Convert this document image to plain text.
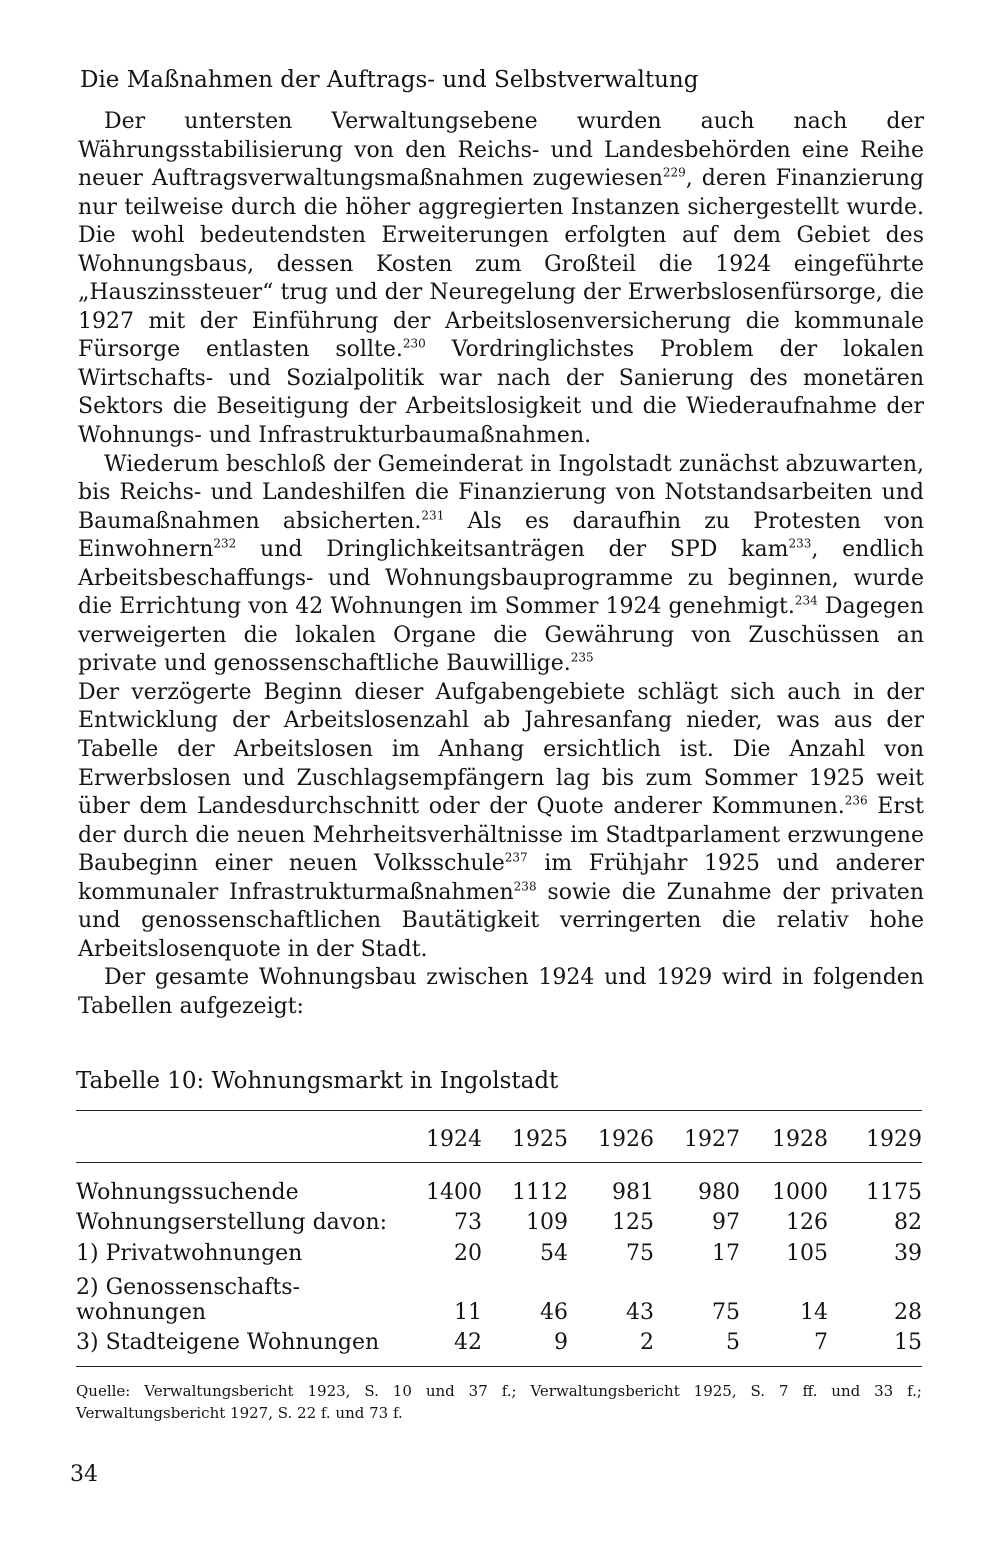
Die Maßnahmen der Auftrags- und Selbstverwaltung

Der untersten Verwaltungsebene wurden auch nach der Währungsstabilisierung von den Reichs- und Landesbehörden eine Reihe neuer Auftragsverwaltungsmaßnahmen zugewiesen$^{229}$, deren Finanzierung nur teilweise durch die höher aggregierten Instanzen sichergestellt wurde. Die wohl bedeutendsten Erweiterungen erfolgten auf dem Gebiet des Wohnungsbaus, dessen Kosten zum Großteil die 1924 eingeführte „Hauszinssteuer“ trug und der Neuregelung der Erwerbslosenfürsorge, die 1927 mit der Einführung der Arbeitslosenversicherung die kommunale Fürsorge entlasten sollte.$^{230}$ Vordringlichstes Problem der lokalen Wirtschafts- und Sozialpolitik war nach der Sanierung des monetären Sektors die Beseitigung der Arbeitslosigkeit und die Wiederaufnahme der Wohnungs- und Infrastrukturbaumaßnahmen.

Wiederum beschloß der Gemeinderat in Ingolstadt zunächst abzuwarten, bis Reichs- und Landeshilfen die Finanzierung von Notstandsarbeiten und Baumaßnahmen absicherten.$^{231}$ Als es daraufhin zu Protesten von Einwohnern$^{232}$ und Dringlichkeitsanträgen der SPD kam$^{233}$, endlich Arbeitsbeschaffungs- und Wohnungsbauprogramme zu beginnen, wurde die Errichtung von 42 Wohnungen im Sommer 1924 genehmigt.$^{234}$ Dagegen verweigerten die lokalen Organe die Gewährung von Zuschüssen an private und genossenschaftliche Bauwillige.$^{235}$

Der verzögerte Beginn dieser Aufgabengebiete schlägt sich auch in der Entwicklung der Arbeitslosenzahl ab Jahresanfang nieder, was aus der Tabelle der Arbeitslosen im Anhang ersichtlich ist. Die Anzahl von Erwerbslosen und Zuschlagsempfängern lag bis zum Sommer 1925 weit über dem Landesdurchschnitt oder der Quote anderer Kommunen.$^{236}$ Erst der durch die neuen Mehrheitsverhältnisse im Stadtparlament erzwungene Baubeginn einer neuen Volksschule$^{237}$ im Frühjahr 1925 und anderer kommunaler Infrastrukturmaßnahmen$^{238}$ sowie die Zunahme der privaten und genossenschaftlichen Bautätigkeit verringerten die relativ hohe Arbeitslosenquote in der Stadt.

Der gesamte Wohnungsbau zwischen 1924 und 1929 wird in folgenden Tabellen aufgezeigt:

Tabelle 10: Wohnungsmarkt in Ingolstadt
	1924	1925	1926	1927	1928	1929

Wohnungssuchende	1400	1112	981	980	1000	1175
Wohnungserstellung davon:	73	109	125	97	126	82
1) Privatwohnungen	20	54	75	17	105	39
2) Genossenschafts-
wohnungen	11	46	43	75	14	28
3) Stadteigene Wohnungen	42	9	2	5	7	15
Quelle: Verwaltungsbericht 1923, S. 10 und 37 f.; Verwaltungsbericht 1925, S. 7 ff. und 33 f.; Verwaltungsbericht 1927, S. 22 f. und 73 f.
34
